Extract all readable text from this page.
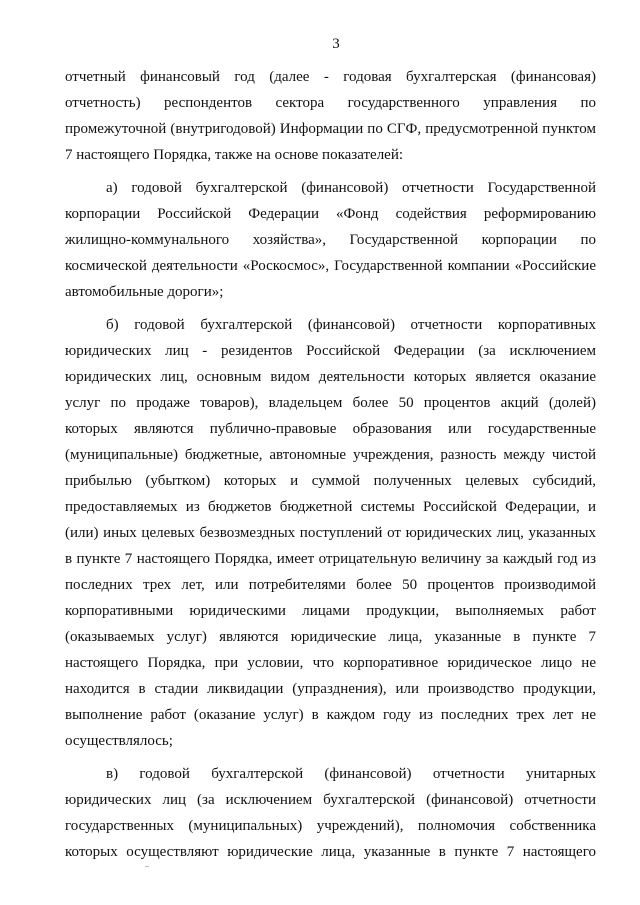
3
отчетный финансовый год (далее - годовая бухгалтерская (финансовая)
отчетность) респондентов сектора государственного управления по
промежуточной (внутригодовой) Информации по СГФ, предусмотренной пунктом
7 настоящего Порядка, также на основе показателей:
а) годовой бухгалтерской (финансовой) отчетности Государственной
корпорации Российской Федерации «Фонд содействия реформированию
жилищно-коммунального хозяйства», Государственной корпорации по
космической деятельности «Роскосмос», Государственной компании «Российские
автомобильные дороги»;
б) годовой бухгалтерской (финансовой) отчетности корпоративных
юридических лиц - резидентов Российской Федерации (за исключением
юридических лиц, основным видом деятельности которых является оказание
услуг по продаже товаров), владельцем более 50 процентов акций (долей)
которых являются публично-правовые образования или государственные
(муниципальные) бюджетные, автономные учреждения, разность между чистой
прибылью (убытком) которых и суммой полученных целевых субсидий,
предоставляемых из бюджетов бюджетной системы Российской Федерации, и
(или) иных целевых безвозмездных поступлений от юридических лиц, указанных
в пункте 7 настоящего Порядка, имеет отрицательную величину за каждый год из
последних трех лет, или потребителями более 50 процентов производимой
корпоративными юридическими лицами продукции, выполняемых работ
(оказываемых услуг) являются юридические лица, указанные в пункте 7
настоящего Порядка, при условии, что корпоративное юридическое лицо не
находится в стадии ликвидации (упразднения), или производство продукции,
выполнение работ (оказание услуг) в каждом году из последних трех лет не
осуществлялось;
в) годовой бухгалтерской (финансовой) отчетности унитарных
юридических лиц (за исключением бухгалтерской (финансовой) отчетности
государственных (муниципальных) учреждений), полномочия собственника
которых осуществляют юридические лица, указанные в пункте 7 настоящего
